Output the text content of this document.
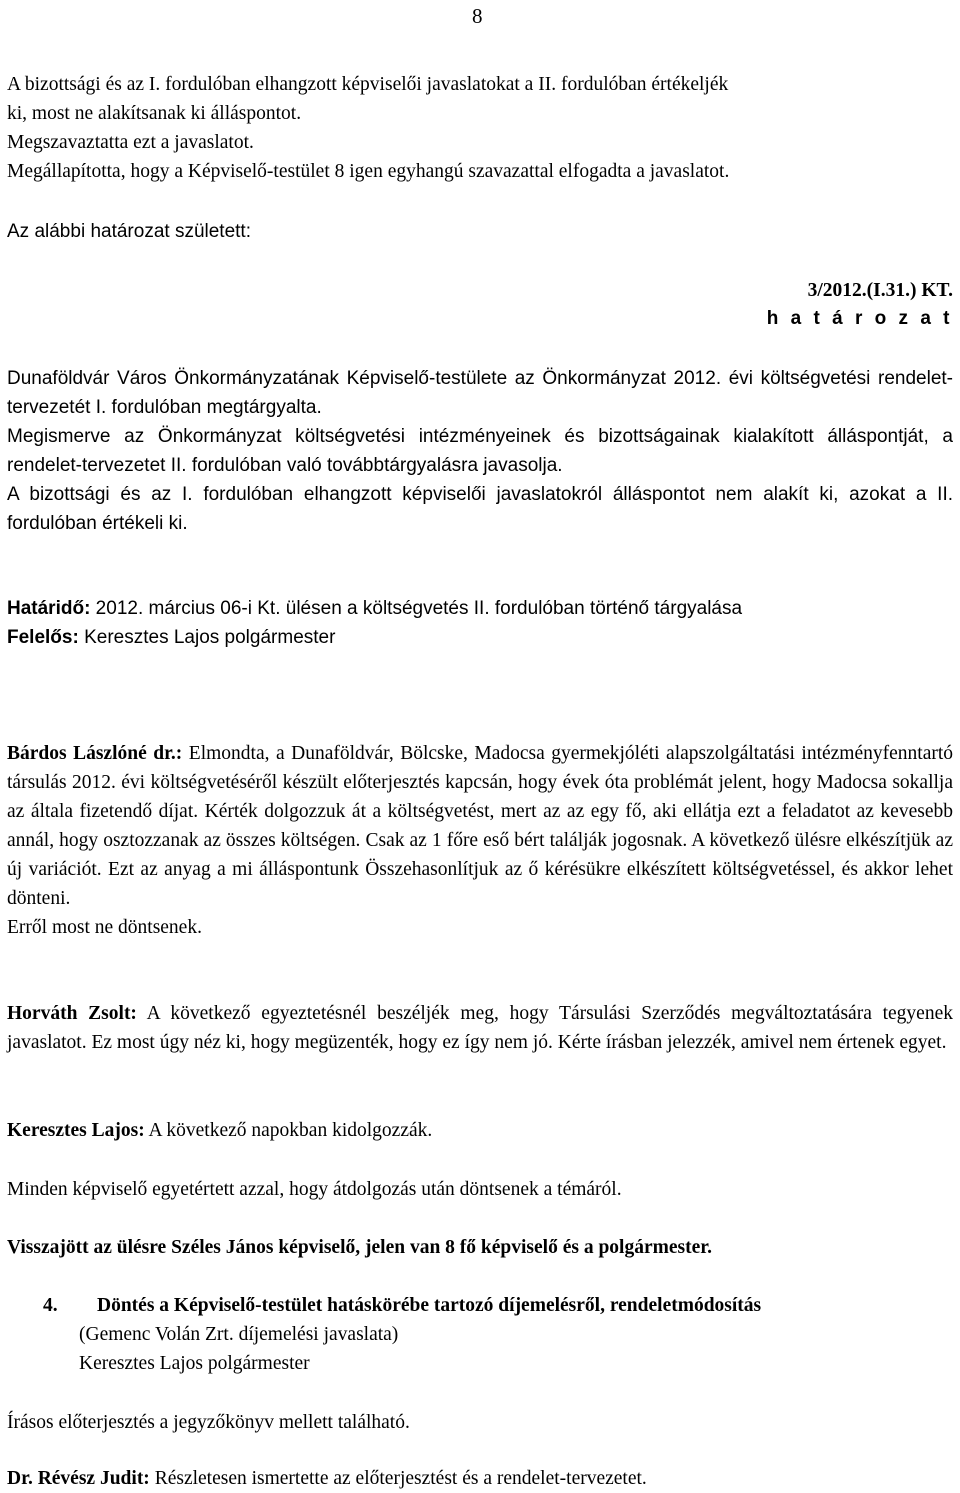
8

A bizottsági és az I. fordulóban elhangzott képviselői javaslatokat a II. fordulóban értékeljék

ki, most ne alakítsanak ki álláspontot.

Megszavaztatta ezt a javaslatot.

Megállapította, hogy a Képviselő-testület 8 igen egyhangú szavazattal elfogadta a javaslatot.

Az alábbi határozat született:

3/2012.(I.31.) KT.

h a t á r o z a t

Dunaföldvár Város Önkormányzatának Képviselő-testülete az Önkormányzat 2012. évi költségvetési rendelet-tervezetét I. fordulóban megtárgyalta.

Megismerve az Önkormányzat költségvetési intézményeinek és bizottságainak kialakított álláspontját, a rendelet-tervezetet II. fordulóban való továbbtárgyalásra javasolja.

A bizottsági és az I. fordulóban elhangzott képviselői javaslatokról álláspontot nem alakít ki, azokat a II. fordulóban értékeli ki.

Határidő: 2012. március 06-i Kt. ülésen a költségvetés II. fordulóban történő tárgyalása

Felelős: Keresztes Lajos polgármester

Bárdos Lászlóné dr.: Elmondta, a Dunaföldvár, Bölcske, Madocsa gyermekjóléti alapszolgáltatási intézményfenntartó társulás 2012. évi költségvetéséről készült előterjesztés kapcsán, hogy évek óta problémát jelent, hogy Madocsa sokallja az általa fizetendő díjat. Kérték dolgozzuk át a költségvetést, mert az az egy fő, aki ellátja ezt a feladatot az kevesebb annál, hogy osztozzanak az összes költségen. Csak az 1 főre eső bért találják jogosnak. A következő ülésre elkészítjük az új variációt. Ezt az anyag a mi álláspontunk Összehasonlítjuk az ő kérésükre elkészített költségvetéssel, és akkor lehet dönteni.

Erről most ne döntsenek.

Horváth Zsolt: A következő egyeztetésnél beszéljék meg, hogy Társulási Szerződés megváltoztatására tegyenek javaslatot. Ez most úgy néz ki, hogy megüzenték, hogy ez így nem jó. Kérte írásban jelezzék, amivel nem értenek egyet.

Keresztes Lajos: A következő napokban kidolgozzák.

Minden képviselő egyetértett azzal, hogy átdolgozás után döntsenek a témáról.

Visszajött az ülésre Széles János képviselő, jelen van 8 fő képviselő és a polgármester.

4. Döntés a Képviselő-testület hatáskörébe tartozó díjemelésről, rendeletmódosítás

(Gemenc Volán Zrt. díjemelési javaslata)

Keresztes Lajos polgármester

Írásos előterjesztés a jegyzőkönyv mellett található.

Dr. Révész Judit: Részletesen ismertette az előterjesztést és a rendelet-tervezetet.
